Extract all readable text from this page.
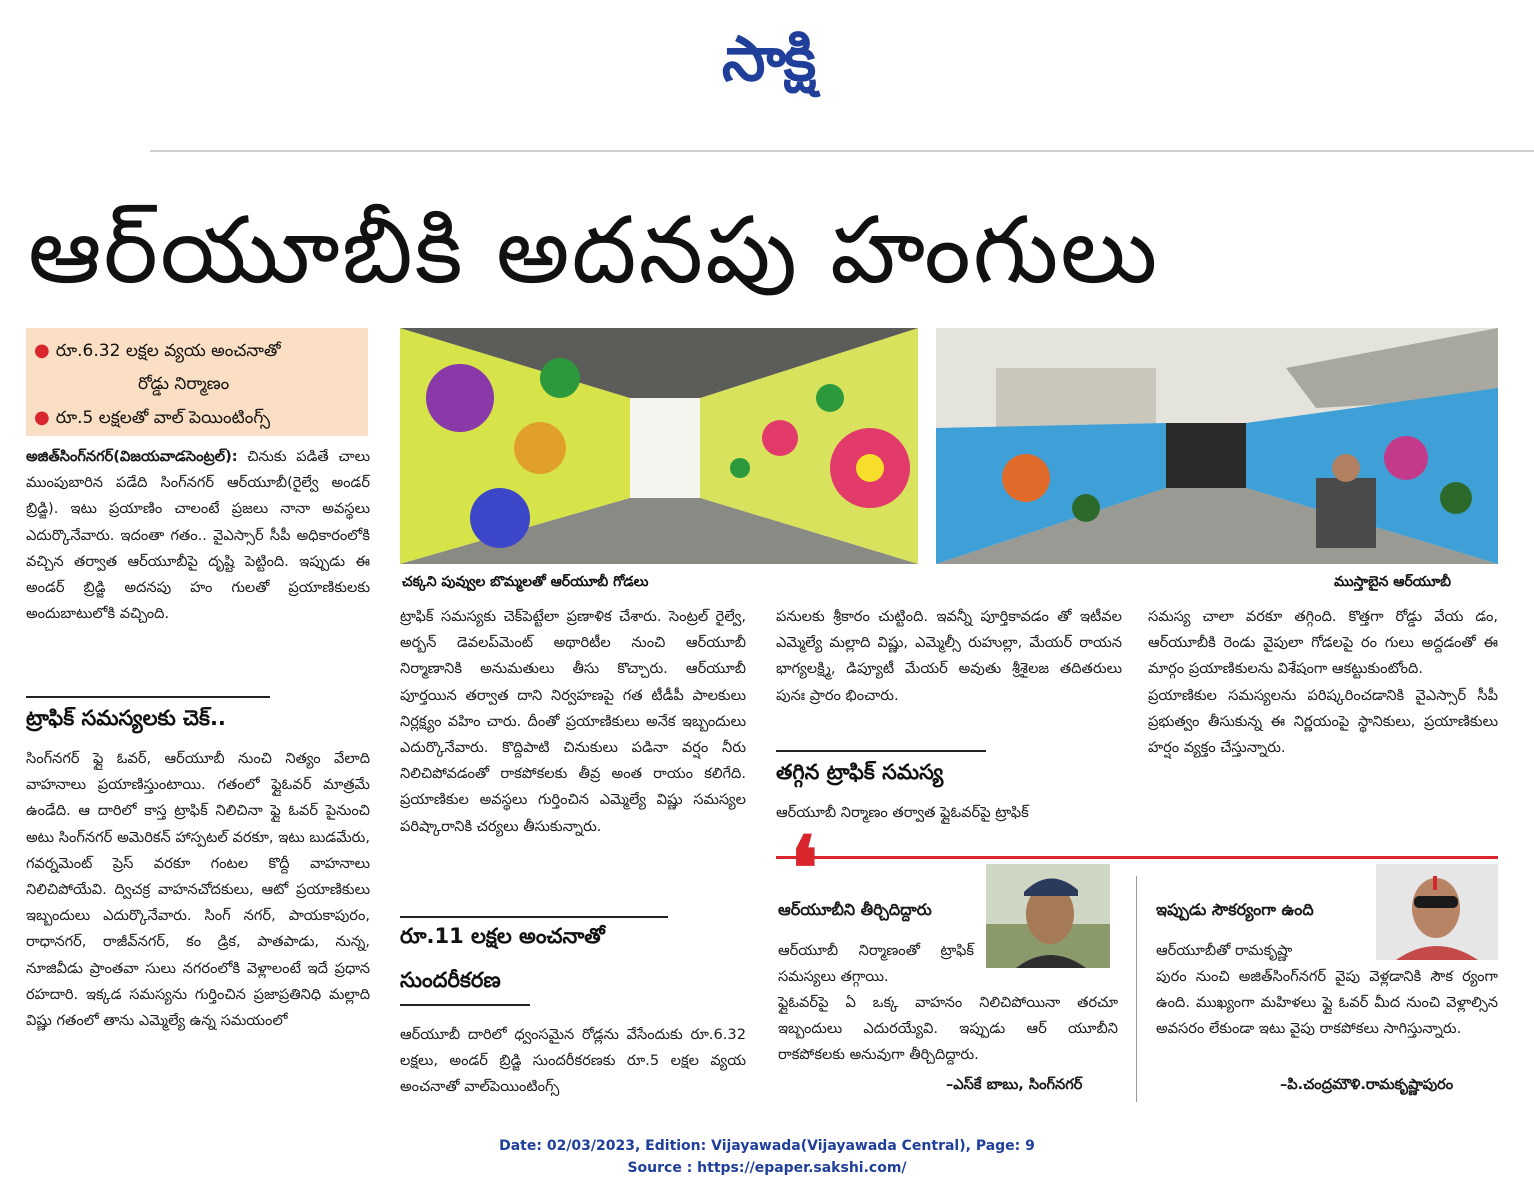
సాక్షి
ఆర్‌యూబీకి అదనపు హంగులు
● రూ.6.32 లక్షల వ్యయ అంచనాతో
రోడ్డు నిర్మాణం
● రూ.5 లక్షలతో వాల్‌ పెయింటింగ్స్
చక్కని పువ్వుల బొమ్మలతో ఆర్‌యూబీ గోడలు	ముస్తాబైన ఆర్‌యూబీ

అజిత్‌సింగ్‌నగర్‌(విజయవాడసెంట్రల్‌): చినుకు పడితే చాలు ముంపుబారిన పడేది సింగ్‌నగర్‌ ఆర్‌యూబీ(రైల్వే అండర్‌ బ్రిడ్జి). ఇటు ప్రయాణిం చాలంటే ప్రజలు నానా అవస్థలు ఎదుర్కొనేవారు. ఇదంతా గతం.. వైఎస్సార్‌ సీపీ అధికారంలోకి వచ్చిన తర్వాత ఆర్‌యూబీపై దృష్టి పెట్టింది. ఇప్పుడు ఈ అండర్‌ బ్రిడ్జి అదనపు హం గులతో ప్రయాణికులకు అందుబాటులోకి వచ్చింది.

ట్రాఫిక్‌ సమస్యలకు చెక్‌..

సింగ్‌నగర్‌ ఫ్లై ఓవర్‌, ఆర్‌యూబీ నుంచి నిత్యం వేలాది వాహనాలు ప్రయాణిస్తుంటాయి. గతంలో ఫ్లైఓవర్‌ మాత్రమే ఉండేది. ఆ దారిలో కాస్త ట్రాఫిక్‌ నిలిచినా ఫ్లై ఓవర్‌ పైనుంచి అటు సింగ్‌నగర్‌ అమెరికన్‌ హాస్పటల్‌ వరకూ, ఇటు బుడమేరు, గవర్నమెంట్‌ ప్రెస్‌ వరకూ గంటల కొద్దీ వాహనాలు నిలిచిపోయేవి. ద్విచక్ర వాహనచోదకులు, ఆటో ప్రయాణికులు ఇబ్బందులు ఎదుర్కొనేవారు. సింగ్‌ నగర్‌, పాయకాపురం, రాధానగర్‌, రాజీవ్‌నగర్‌, కం డ్రిక, పాతపాడు, నున్న, నూజివీడు ప్రాంతవా సులు నగరంలోకి వెళ్లాలంటే ఇదే ప్రధాన రహదారి. ఇక్కడ సమస్యను గుర్తించిన ప్రజాప్రతినిధి మల్లాది విష్ణు గతంలో తాను ఎమ్మెల్యే ఉన్న సమయంలో

ట్రాఫిక్‌ సమస్యకు చెక్‌పెట్టేలా ప్రణాళిక చేశారు. సెంట్రల్‌ రైల్వే, అర్బన్‌ డెవలప్‌మెంట్‌ అథారిటీల నుంచి ఆర్‌యూబీ నిర్మాణానికి అనుమతులు తీసు కొచ్చారు. ఆర్‌యూబీ పూర్తయిన తర్వాత దాని నిర్వహణపై గత టీడీపీ పాలకులు నిర్లక్ష్యం వహిం చారు. దీంతో ప్రయాణికులు అనేక ఇబ్బందులు ఎదుర్కొనేవారు. కొద్దిపాటి చినుకులు పడినా వర్షం నీరు నిలిచిపోవడంతో రాకపోకలకు తీవ్ర అంత రాయం కలిగేది. ప్రయాణికుల అవస్థలు గుర్తించిన ఎమ్మెల్యే విష్ణు సమస్యల పరిష్కారానికి చర్యలు తీసుకున్నారు.

రూ.11 లక్షల అంచనాతో
సుందరీకరణ

ఆర్‌యూబీ దారిలో ధ్వంసమైన రోడ్లను వేసేందుకు రూ.6.32 లక్షలు, అండర్‌ బ్రిడ్జి సుందరీకరణకు రూ.5 లక్షల వ్యయ అంచనాతో వాల్‌పెయింటింగ్స్‌

పనులకు శ్రీకారం చుట్టింది. ఇవన్నీ పూర్తికావడం తో ఇటీవల ఎమ్మెల్యే మల్లాది విష్ణు, ఎమ్మెల్సీ రుహుల్లా, మేయర్‌ రాయన భాగ్యలక్ష్మి, డిప్యూటీ మేయర్‌ అవుతు శ్రీశైలజ తదితరులు పునః ప్రారం భించారు.

తగ్గిన ట్రాఫిక్‌ సమస్య

ఆర్‌యూబీ నిర్మాణం తర్వాత ఫ్లైఓవర్‌పై ట్రాఫిక్‌

సమస్య చాలా వరకూ తగ్గింది. కొత్తగా రోడ్డు వేయ డం, ఆర్‌యూబీకి రెండు వైపులా గోడలపై రం గులు అద్దడంతో ఈ మార్గం ప్రయాణికులను విశేషంగా ఆకట్టుకుంటోంది.

ప్రయాణికుల సమస్యలను పరిష్కరించడానికి వైఎస్సార్‌ సీపీ ప్రభుత్వం తీసుకున్న ఈ నిర్ణయంపై స్థానికులు, ప్రయాణికులు హర్షం వ్యక్తం చేస్తున్నారు.

❛
ఆర్‌యూబీని తీర్చిదిద్దారు
ఆర్‌యూబీ నిర్మాణంతో ట్రాఫిక్‌ సమస్యలు తగ్గాయి.
ఫ్లైఓవర్‌పై ఏ ఒక్క వాహనం నిలిచిపోయినా తరచూ ఇబ్బందులు ఎదురయ్యేవి. ఇప్పుడు ఆర్‌ యూబీని రాకపోకలకు అనువుగా తీర్చిదిద్దారు.
–ఎస్‌కే బాబు, సింగ్‌నగర్‌
ఇప్పుడు సౌకర్యంగా ఉంది
ఆర్‌యూబీతో రామకృష్ణా
పురం నుంచి అజిత్‌సింగ్‌నగర్‌ వైపు వెళ్లడానికి సౌక ర్యంగా ఉంది. ముఖ్యంగా మహిళలు ఫ్లై ఓవర్‌ మీద నుంచి వెళ్లాల్సిన అవసరం లేకుండా ఇటు వైపు రాకపోకలు సాగిస్తున్నారు.
–పి.చంద్రమౌళి.రామకృష్ణాపురం
Date: 02/03/2023, Edition: Vijayawada(Vijayawada Central), Page: 9
Source : https://epaper.sakshi.com/
